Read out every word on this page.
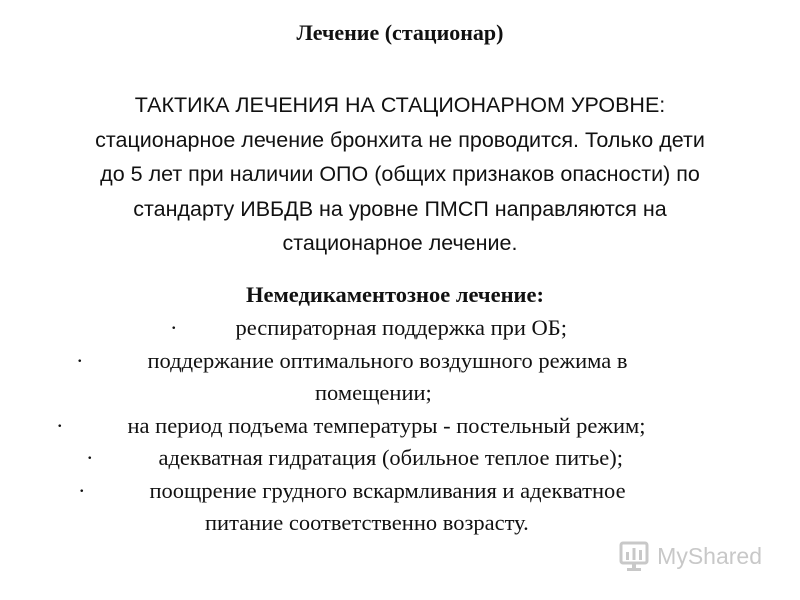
Лечение (стационар)
ТАКТИКА ЛЕЧЕНИЯ НА СТАЦИОНАРНОМ УРОВНЕ:
стационарное лечение бронхита не проводится. Только дети
до 5 лет при наличии ОПО (общих признаков опасности) по
стандарту ИВБДВ на уровне ПМСП направляются на
стационарное лечение.
Немедикаментозное лечение:
·	респираторная поддержка при ОБ;
·	поддержание оптимального воздушного режима в
помещении;
·	на период подъема температуры - постельный режим;
·	адекватная гидратация (обильное теплое питье);
·	поощрение грудного вскармливания и адекватное
питание соответственно возрасту.
MyShared
